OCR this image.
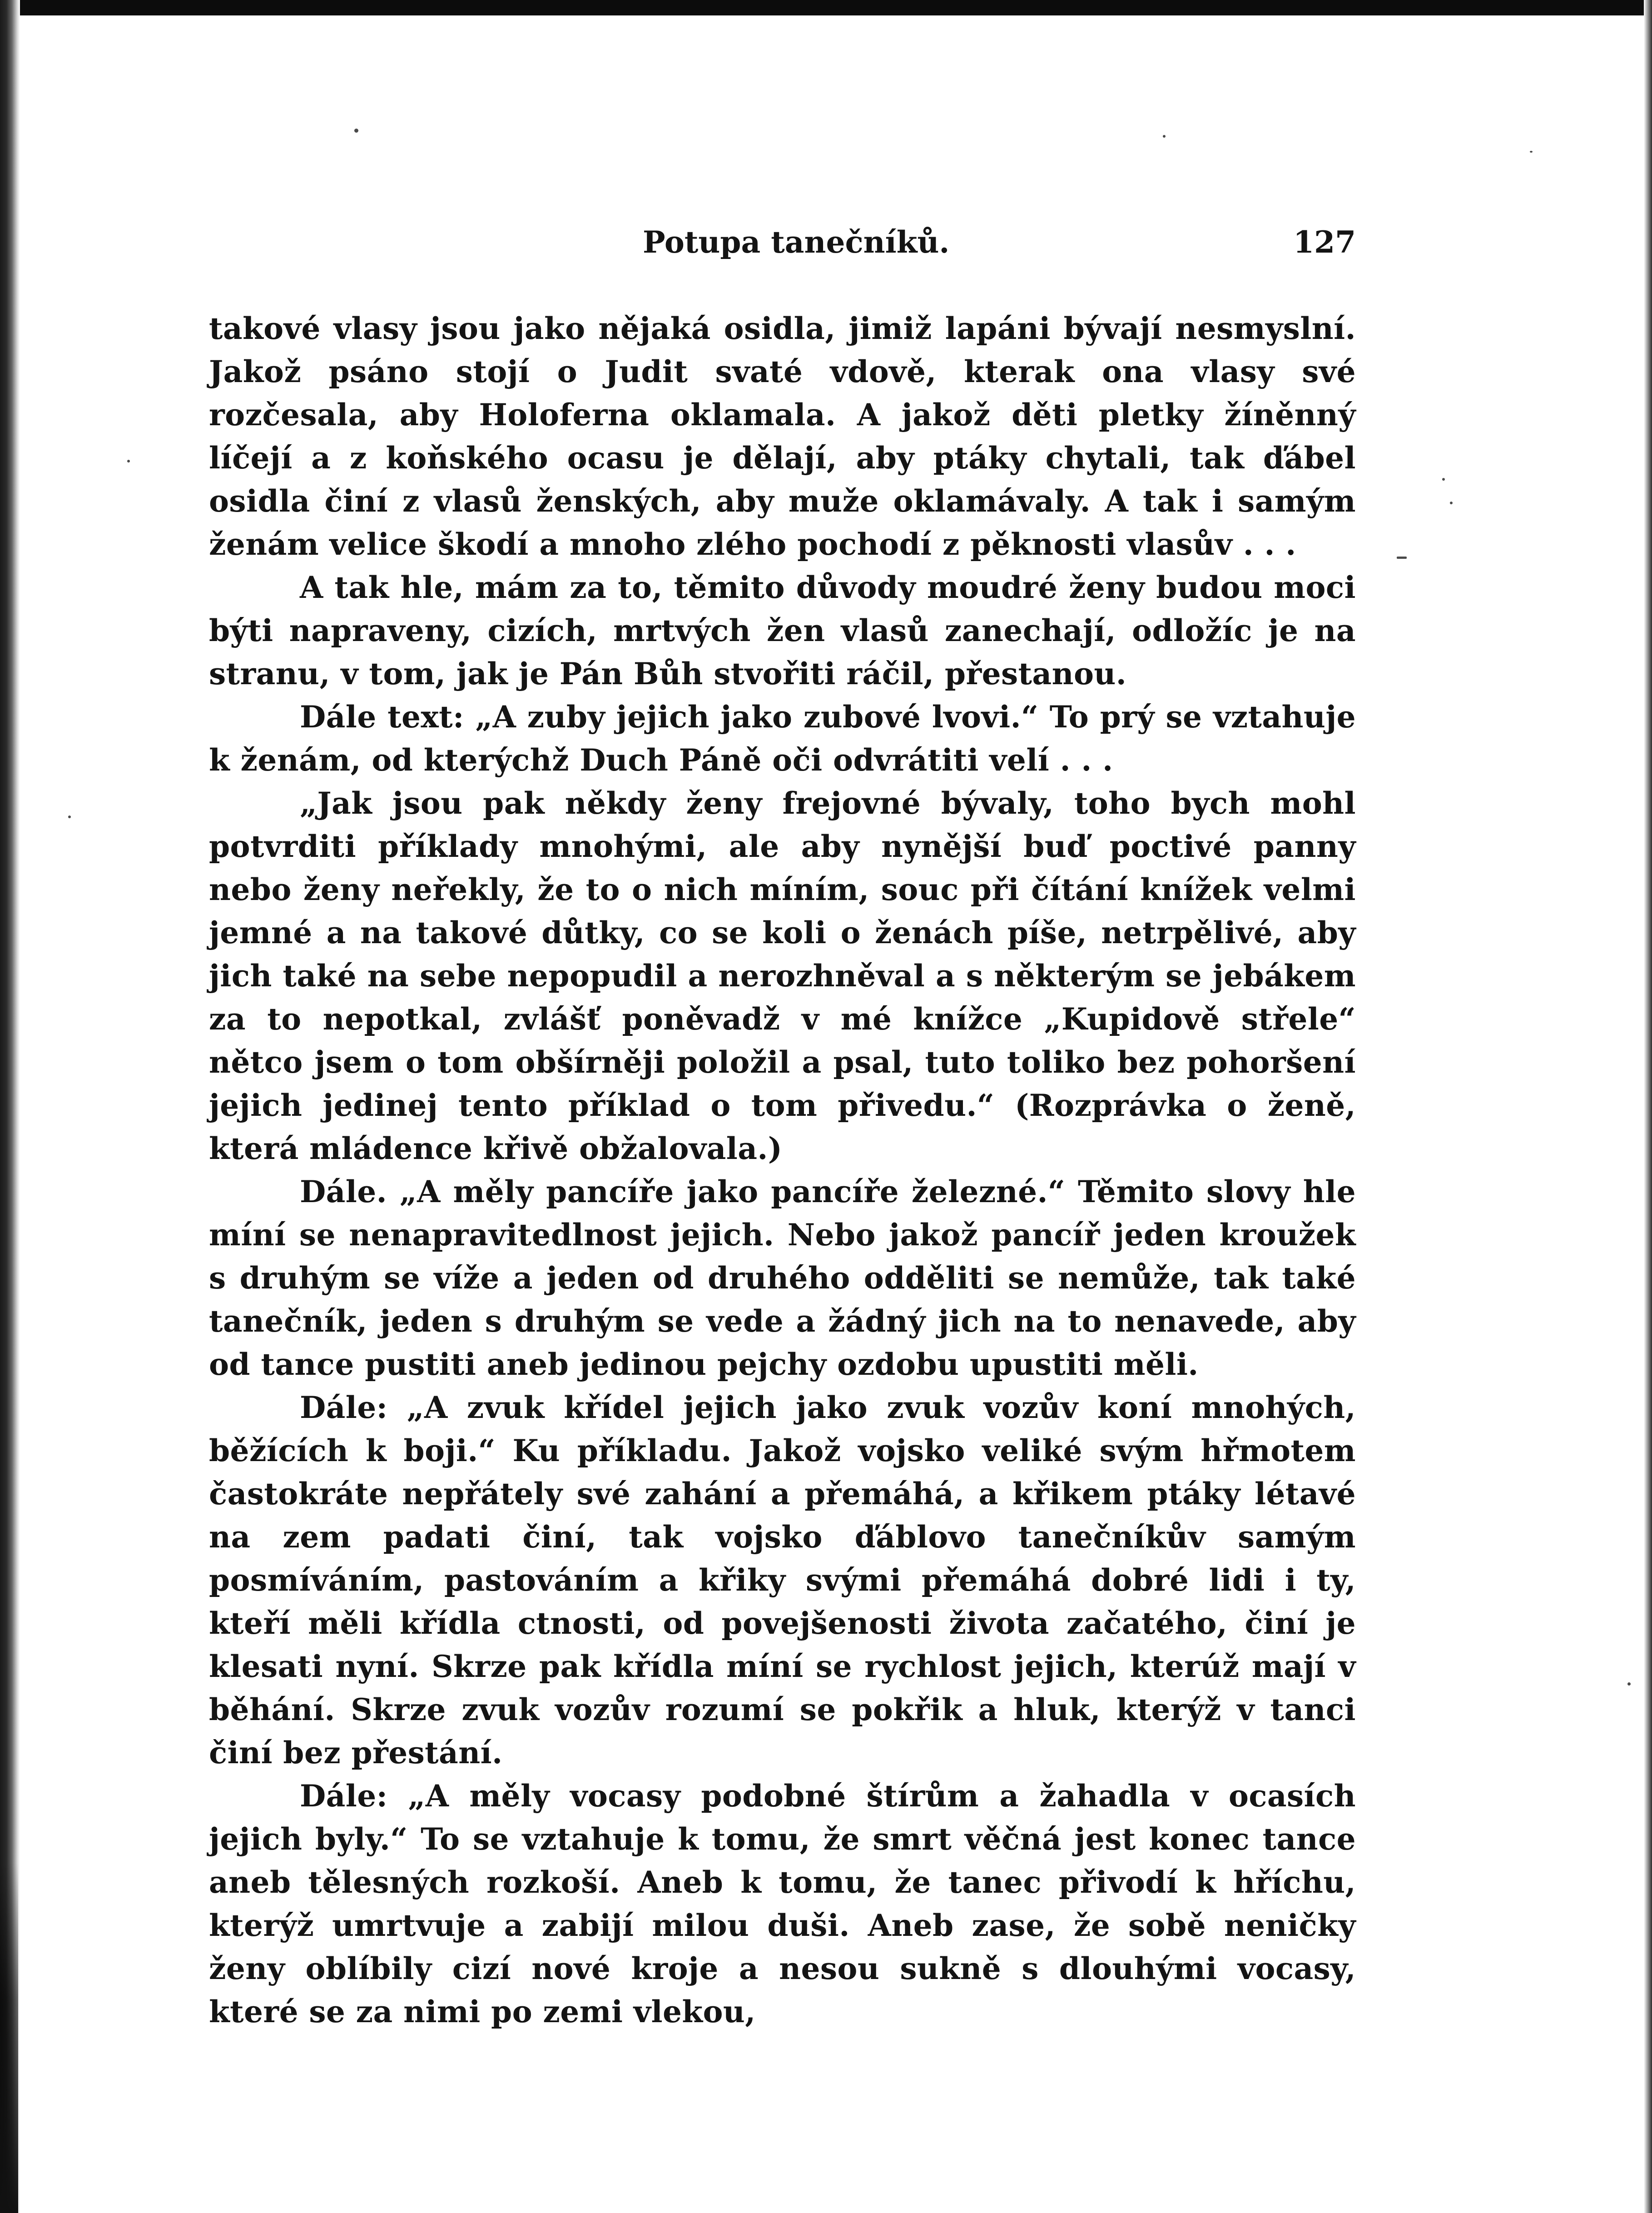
Potupa tanečníků.	127

takové vlasy jsou jako nějaká osidla, jimiž lapáni bývají nesmyslní. Jakož psáno stojí o Judit svaté vdově, kterak ona vlasy své rozčesala, aby Holoferna oklamala. A jakož děti pletky žíněnný líčejí a z koňského ocasu je dělají, aby ptáky chytali, tak ďábel osidla činí z vlasů ženských, aby muže oklamávaly. A tak i samým ženám velice škodí a mnoho zlého pochodí z pěknosti vlasův . . .

A tak hle, mám za to, těmito důvody moudré ženy budou moci býti napraveny, cizích, mrtvých žen vlasů zanechají, odložíc je na stranu, v tom, jak je Pán Bůh stvořiti ráčil, přestanou.

Dále text: „A zuby jejich jako zubové lvovi.“ To prý se vztahuje k ženám, od kterýchž Duch Páně oči odvrátiti velí . . .

„Jak jsou pak někdy ženy frejovné bývaly, toho bych mohl potvrditi příklady mnohými, ale aby nynější buď poctivé panny nebo ženy neřekly, že to o nich míním, souc při čítání knížek velmi jemné a na takové důtky, co se koli o ženách píše, netrpělivé, aby jich také na sebe nepopudil a nerozhněval a s některým se jebákem za to nepotkal, zvlášť poněvadž v mé knížce „Kupidově střele“ nětco jsem o tom obšírněji položil a psal, tuto toliko bez pohoršení jejich jedinej tento příklad o tom přivedu.“ (Rozprávka o ženě, která mládence křivě obžalovala.)

Dále. „A měly pancíře jako pancíře železné.“ Těmito slovy hle míní se nenapravitedlnost jejich. Nebo jakož pancíř jeden kroužek s druhým se víže a jeden od druhého odděliti se nemůže, tak také tanečník, jeden s druhým se vede a žádný jich na to nenavede, aby od tance pustiti aneb jedinou pejchy ozdobu upustiti měli.

Dále: „A zvuk křídel jejich jako zvuk vozův koní mnohých, běžících k boji.“ Ku příkladu. Jakož vojsko veliké svým hřmotem častokráte nepřátely své zahání a přemáhá, a křikem ptáky létavé na zem padati činí, tak vojsko ďáblovo tanečníkův samým posmíváním, pastováním a křiky svými přemáhá dobré lidi i ty, kteří měli křídla ctnosti, od povejšenosti života začatého, činí je klesati nyní. Skrze pak křídla míní se rychlost jejich, kterúž mají v běhání. Skrze zvuk vozův rozumí se pokřik a hluk, kterýž v tanci činí bez přestání.

Dále: „A měly vocasy podobné štírům a žahadla v ocasích jejich byly.“ To se vztahuje k tomu, že smrt věčná jest konec tance aneb tělesných rozkoší. Aneb k tomu, že tanec přivodí k hříchu, kterýž umrtvuje a zabijí milou duši. Aneb zase, že sobě neničky ženy oblíbily cizí nové kroje a nesou sukně s dlouhými vocasy, které se za nimi po zemi vlekou,
